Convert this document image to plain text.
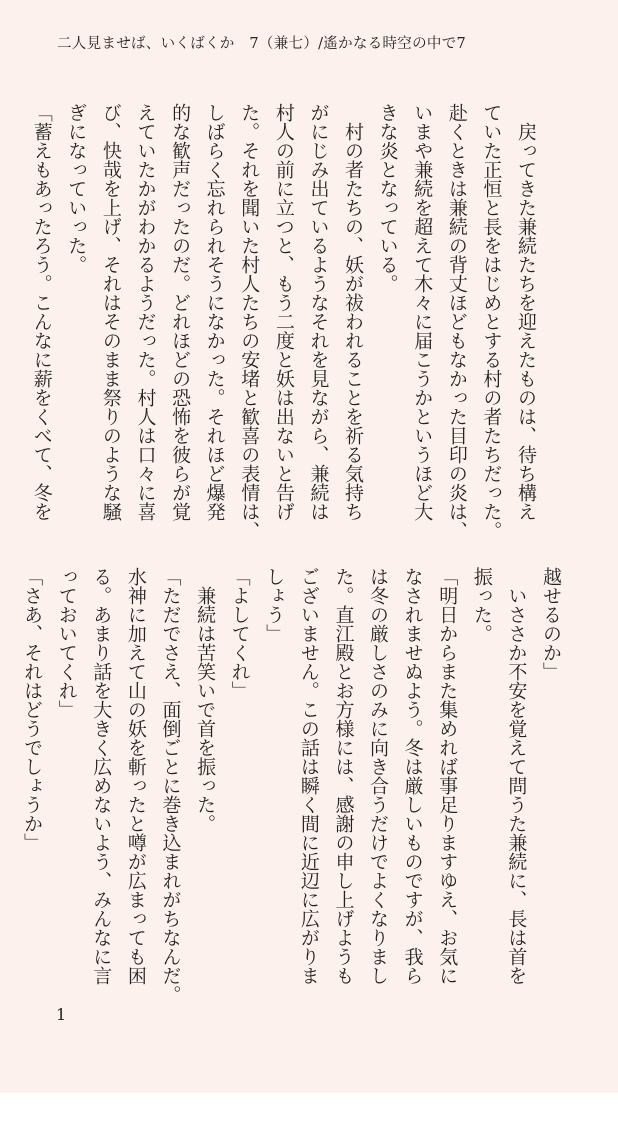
二人見ませば、いくばくか　7（兼七）/遙かなる時空の中で7
　戻ってきた兼続たちを迎えたものは、待ち構え
ていた正恒と長をはじめとする村の者たちだった。
赴くときは兼続の背丈ほどもなかった目印の炎は、
いまや兼続を超えて木々に届こうかというほど大
きな炎となっている。
　村の者たちの、妖が祓われることを祈る気持ち
がにじみ出ているようなそれを見ながら、兼続は
村人の前に立つと、もう二度と妖は出ないと告げ
た。それを聞いた村人たちの安堵と歓喜の表情は、
しばらく忘れられそうになかった。それほど爆発
的な歓声だったのだ。どれほどの恐怖を彼らが覚
えていたかがわかるようだった。村人は口々に喜
び、快哉を上げ、それはそのまま祭りのような騒
ぎになっていった。
「蓄えもあったろう。こんなに薪をくべて、冬を
越せるのか」
　いささか不安を覚えて問うた兼続に、長は首を
振った。
「明日からまた集めれば事足りますゆえ、お気に
なされませぬよう。冬は厳しいものですが、我ら
は冬の厳しさのみに向き合うだけでよくなりまし
た。直江殿とお方様には、感謝の申し上げようも
ございません。この話は瞬く間に近辺に広がりま
しょう」
「よしてくれ」
　兼続は苦笑いで首を振った。
「ただでさえ、面倒ごとに巻き込まれがちなんだ。
水神に加えて山の妖を斬ったと噂が広まっても困
る。あまり話を大きく広めないよう、みんなに言
っておいてくれ」
「さあ、それはどうでしょうか」
1
